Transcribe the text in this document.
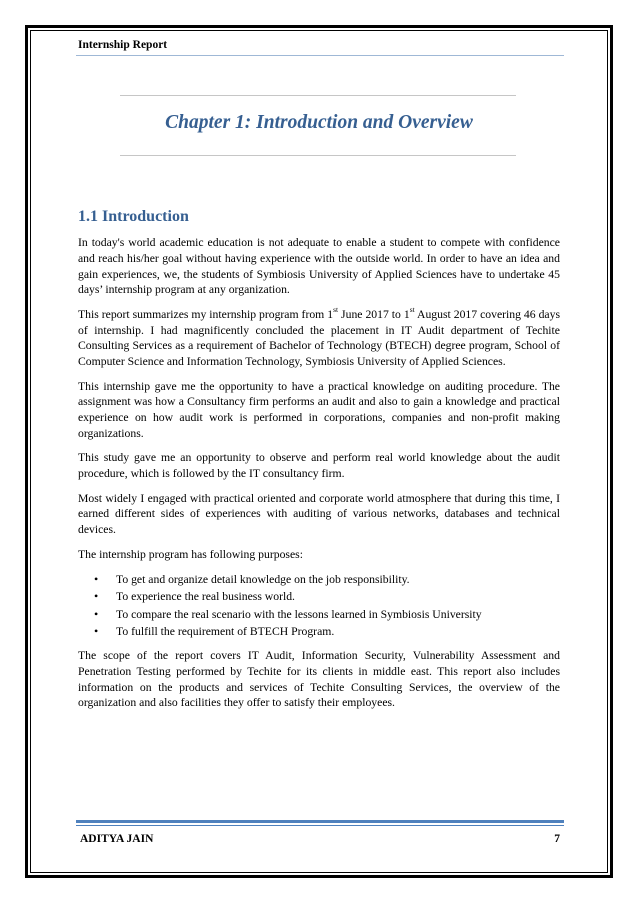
Internship Report
Chapter 1: Introduction and Overview
1.1 Introduction

In today's world academic education is not adequate to enable a student to compete with confidence and reach his/her goal without having experience with the outside world. In order to have an idea and gain experiences, we, the students of Symbiosis University of Applied Sciences have to undertake 45 days’ internship program at any organization.

This report summarizes my internship program from 1st June 2017 to 1st August 2017 covering 46 days of internship. I had magnificently concluded the placement in IT Audit department of Techite Consulting Services as a requirement of Bachelor of Technology (BTECH) degree program, School of Computer Science and Information Technology, Symbiosis University of Applied Sciences.

This internship gave me the opportunity to have a practical knowledge on auditing procedure. The assignment was how a Consultancy firm performs an audit and also to gain a knowledge and practical experience on how audit work is performed in corporations, companies and non-profit making organizations.

This study gave me an opportunity to observe and perform real world knowledge about the audit procedure, which is followed by the IT consultancy firm.

Most widely I engaged with practical oriented and corporate world atmosphere that during this time, I earned different sides of experiences with auditing of various networks, databases and technical devices.

The internship program has following purposes:

• To get and organize detail knowledge on the job responsibility.
• To experience the real business world.
• To compare the real scenario with the lessons learned in Symbiosis University
• To fulfill the requirement of BTECH Program.

The scope of the report covers IT Audit, Information Security, Vulnerability Assessment and Penetration Testing performed by Techite for its clients in middle east. This report also includes information on the products and services of Techite Consulting Services, the overview of the organization and also facilities they offer to satisfy their employees.

ADITYA JAIN	7
